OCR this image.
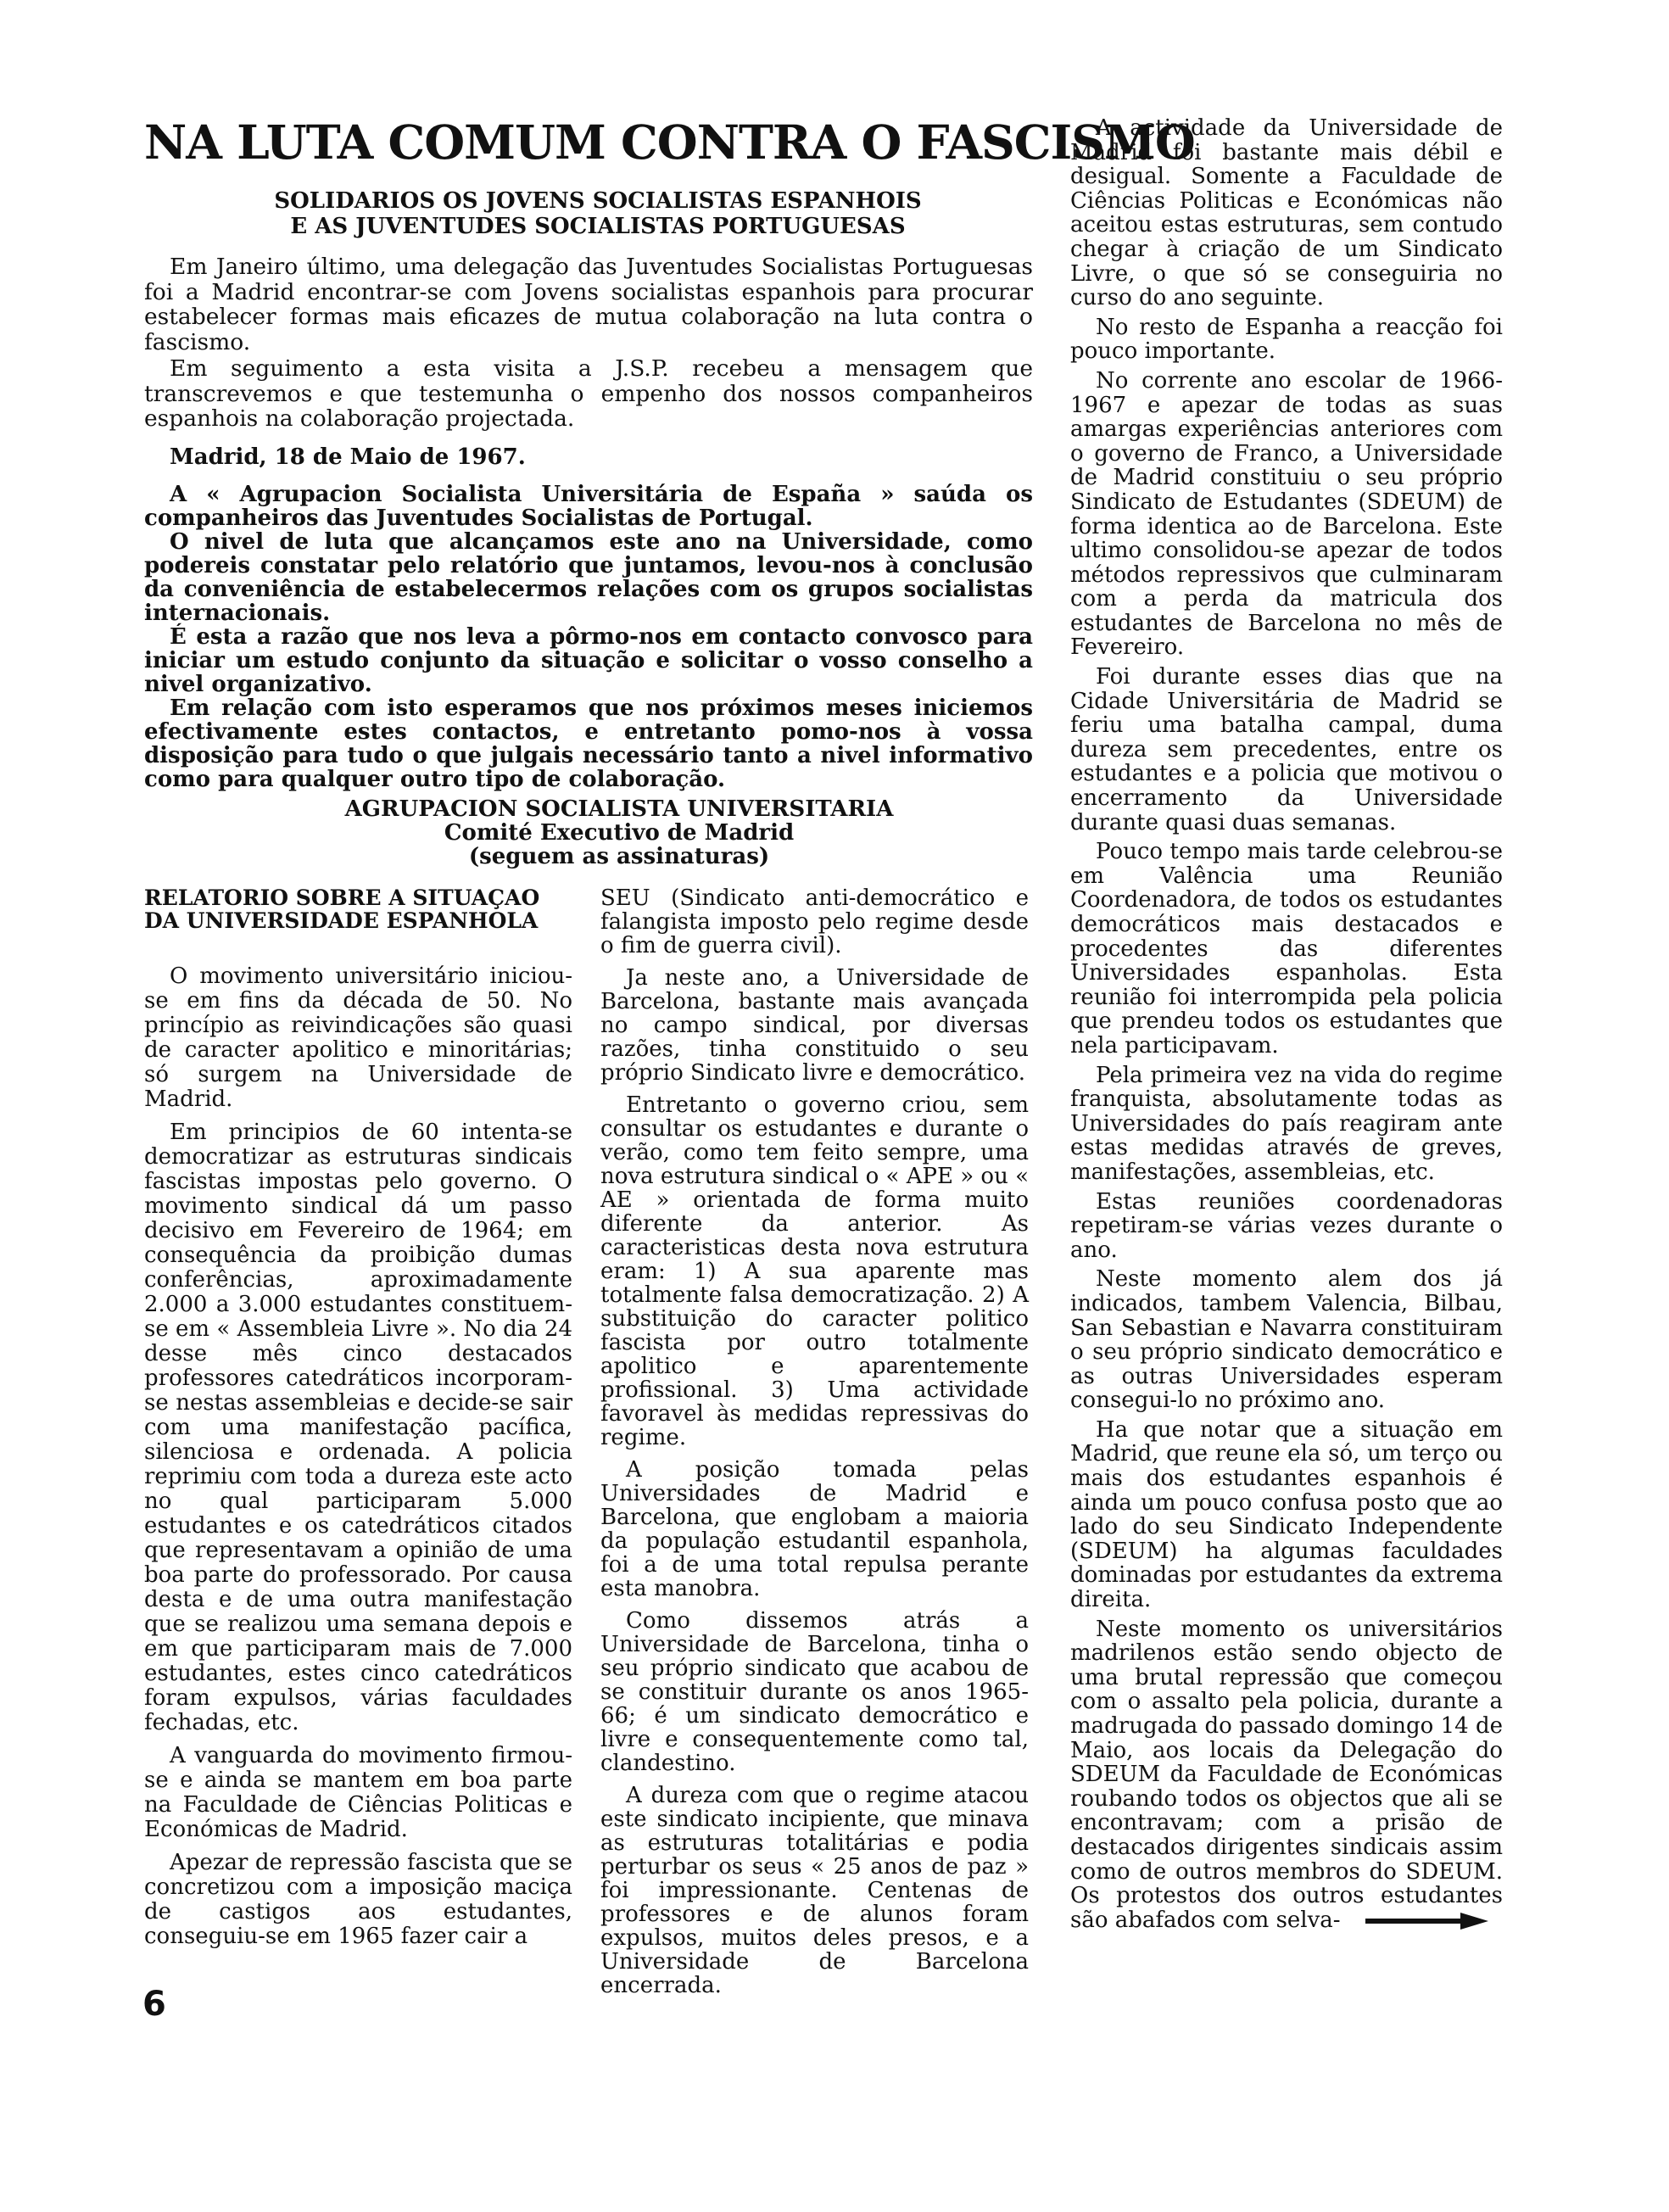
NA LUTA COMUM CONTRA O FASCISMO
SOLIDARIOS OS JOVENS SOCIALISTAS ESPANHOIS
E AS JUVENTUDES SOCIALISTAS PORTUGUESAS

Em Janeiro último, uma delegação das Juventudes Socialistas Portuguesas foi a Madrid encontrar-se com Jovens socialistas espanhois para procurar estabelecer formas mais eficazes de mutua colaboração na luta contra o fascismo.

Em seguimento a esta visita a J.S.P. recebeu a mensagem que transcrevemos e que testemunha o empenho dos nossos companheiros espanhois na colaboração projectada.

Madrid, 18 de Maio de 1967.

A « Agrupacion Socialista Universitária de España » saúda os companheiros das Juventudes Socialistas de Portugal.

O nivel de luta que alcançamos este ano na Universidade, como podereis constatar pelo relatório que juntamos, levou-nos à conclusão da conveniência de estabelecermos relações com os grupos socialistas internacionais.

É esta a razão que nos leva a pôrmo-nos em contacto convosco para iniciar um estudo conjunto da situação e solicitar o vosso conselho a nivel organizativo.

Em relação com isto esperamos que nos próximos meses iniciemos efectivamente estes contactos, e entretanto pomo-nos à vossa disposição para tudo o que julgais necessário tanto a nivel informativo como para qualquer outro tipo de colaboração.

AGRUPACION SOCIALISTA UNIVERSITARIA
Comité Executivo de Madrid
(seguem as assinaturas)
RELATORIO SOBRE A SITUAÇAO DA UNIVERSIDADE ESPANHOLA

O movimento universitário iniciou-se em fins da década de 50. No princípio as reivindicações são quasi de caracter apolitico e minoritárias; só surgem na Universidade de Madrid.

Em principios de 60 intenta-se democratizar as estruturas sindicais fascistas impostas pelo governo. O movimento sindical dá um passo decisivo em Fevereiro de 1964; em consequência da proibição dumas conferências, aproximadamente 2.000 a 3.000 estudantes constituem-se em « Assembleia Livre ». No dia 24 desse mês cinco destacados professores catedráticos incorporam-se nestas assembleias e decide-se sair com uma manifestação pacífica, silenciosa e ordenada. A policia reprimiu com toda a dureza este acto no qual participaram 5.000 estudantes e os catedráticos citados que representavam a opinião de uma boa parte do professorado. Por causa desta e de uma outra manifestação que se realizou uma semana depois e em que participaram mais de 7.000 estudantes, estes cinco catedráticos foram expulsos, várias faculdades fechadas, etc.

A vanguarda do movimento firmou-se e ainda se mantem em boa parte na Faculdade de Ciências Politicas e Económicas de Madrid.

Apezar de repressão fascista que se concretizou com a imposição maciça de castigos aos estudantes, conseguiu-se em 1965 fazer cair a

SEU (Sindicato anti-democrático e falangista imposto pelo regime desde o fim de guerra civil).

Ja neste ano, a Universidade de Barcelona, bastante mais avançada no campo sindical, por diversas razões, tinha constituido o seu próprio Sindicato livre e democrático.

Entretanto o governo criou, sem consultar os estudantes e durante o verão, como tem feito sempre, uma nova estrutura sindical o « APE » ou « AE » orientada de forma muito diferente da anterior. As caracteristicas desta nova estrutura eram: 1) A sua aparente mas totalmente falsa democratização. 2) A substituição do caracter politico fascista por outro totalmente apolitico e aparentemente profissional. 3) Uma actividade favoravel às medidas repressivas do regime.

A posição tomada pelas Universidades de Madrid e Barcelona, que englobam a maioria da população estudantil espanhola, foi a de uma total repulsa perante esta manobra.

Como dissemos atrás a Universidade de Barcelona, tinha o seu próprio sindicato que acabou de se constituir durante os anos 1965-66; é um sindicato democrático e livre e consequentemente como tal, clandestino.

A dureza com que o regime atacou este sindicato incipiente, que minava as estruturas totalitárias e podia perturbar os seus « 25 anos de paz » foi impressionante. Centenas de professores e de alunos foram expulsos, muitos deles presos, e a Universidade de Barcelona encerrada.

A actividade da Universidade de Madrid foi bastante mais débil e desigual. Somente a Faculdade de Ciências Politicas e Económicas não aceitou estas estruturas, sem contudo chegar à criação de um Sindicato Livre, o que só se conseguiria no curso do ano seguinte.

No resto de Espanha a reacção foi pouco importante.

No corrente ano escolar de 1966-1967 e apezar de todas as suas amargas experiências anteriores com o governo de Franco, a Universidade de Madrid constituiu o seu próprio Sindicato de Estudantes (SDEUM) de forma identica ao de Barcelona. Este ultimo consolidou-se apezar de todos métodos repressivos que culminaram com a perda da matricula dos estudantes de Barcelona no mês de Fevereiro.

Foi durante esses dias que na Cidade Universitária de Madrid se feriu uma batalha campal, duma dureza sem precedentes, entre os estudantes e a policia que motivou o encerramento da Universidade durante quasi duas semanas.

Pouco tempo mais tarde celebrou-se em Valência uma Reunião Coordenadora, de todos os estudantes democráticos mais destacados e procedentes das diferentes Universidades espanholas. Esta reunião foi interrompida pela policia que prendeu todos os estudantes que nela participavam.

Pela primeira vez na vida do regime franquista, absolutamente todas as Universidades do país reagiram ante estas medidas através de greves, manifestações, assembleias, etc.

Estas reuniões coordenadoras repetiram-se várias vezes durante o ano.

Neste momento alem dos já indicados, tambem Valencia, Bilbau, San Sebastian e Navarra constituiram o seu próprio sindicato democrático e as outras Universidades esperam consegui-lo no próximo ano.

Ha que notar que a situação em Madrid, que reune ela só, um terço ou mais dos estudantes espanhois é ainda um pouco confusa posto que ao lado do seu Sindicato Independente (SDEUM) ha algumas faculdades dominadas por estudantes da extrema direita.

Neste momento os universitários madrilenos estão sendo objecto de uma brutal repressão que começou com o assalto pela policia, durante a madrugada do passado domingo 14 de Maio, aos locais da Delegação do SDEUM da Faculdade de Económicas roubando todos os objectos que ali se encontravam; com a prisão de destacados dirigentes sindicais assim como de outros membros do SDEUM. Os protestos dos outros estudantes são abafados com selva-

6
